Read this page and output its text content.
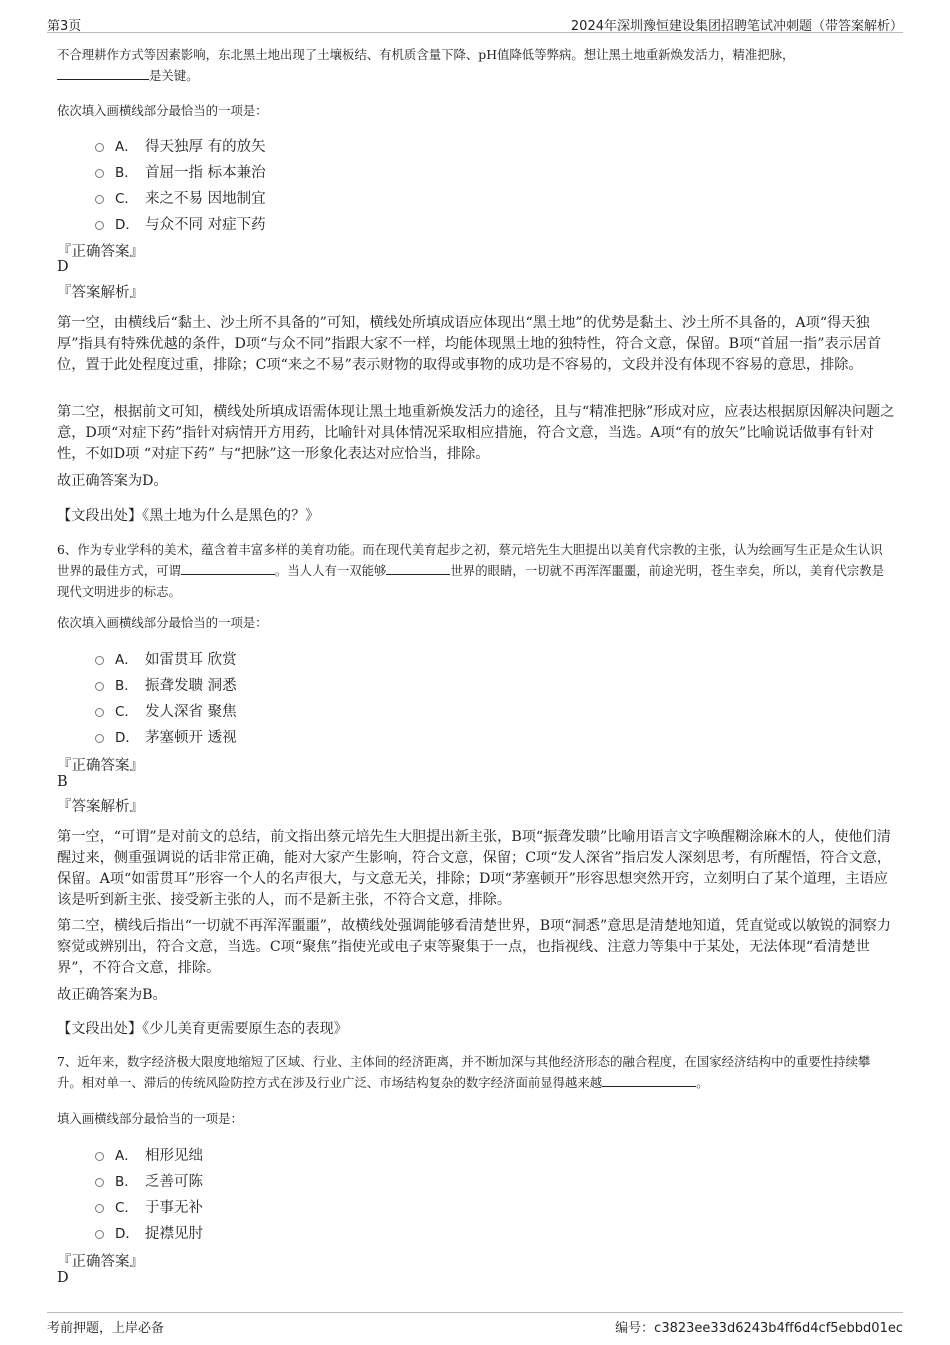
第3页	2024年深圳豫恒建设集团招聘笔试冲刺题（带答案解析）
不合理耕作方式等因素影响，东北黑土地出现了土壤板结、有机质含量下降、pH值降低等弊病。想让黑土地重新焕发活力，精准把脉，
是关键。
依次填入画横线部分最恰当的一项是：
A． 得天独厚 有的放矢
B． 首屈一指 标本兼治
C． 来之不易 因地制宜
D． 与众不同 对症下药
『正确答案』
D
『答案解析』
第一空，由横线后“黏土、沙土所不具备的”可知，横线处所填成语应体现出“黑土地”的优势是黏土、沙土所不具备的，A项“得天独厚”指具有特殊优越的条件，D项“与众不同”指跟大家不一样，均能体现黑土地的独特性，符合文意，保留。B项“首屈一指”表示居首位，置于此处程度过重，排除；C项“来之不易”表示财物的取得或事物的成功是不容易的，文段并没有体现不容易的意思，排除。
第二空，根据前文可知，横线处所填成语需体现让黑土地重新焕发活力的途径，且与“精准把脉”形成对应，应表达根据原因解决问题之意，D项“对症下药”指针对病情开方用药，比喻针对具体情况采取相应措施，符合文意，当选。A项“有的放矢”比喻说话做事有针对性，不如D项 “对症下药” 与“把脉”这一形象化表达对应恰当，排除。
故正确答案为D。
【文段出处】《黑土地为什么是黑色的？》
6、作为专业学科的美术，蕴含着丰富多样的美育功能。而在现代美育起步之初，蔡元培先生大胆提出以美育代宗教的主张，认为绘画写生正是众生认识世界的最佳方式，可谓	。当人人有一双能够	世界的眼睛，一切就不再浑浑噩噩，前途光明，苍生幸矣，所以，美育代宗教是现代文明进步的标志。
依次填入画横线部分最恰当的一项是：
A． 如雷贯耳 欣赏
B． 振聋发聩 洞悉
C． 发人深省 聚焦
D． 茅塞顿开 透视
『正确答案』
B
『答案解析』
第一空，“可谓”是对前文的总结，前文指出蔡元培先生大胆提出新主张，B项“振聋发聩”比喻用语言文字唤醒糊涂麻木的人，使他们清醒过来，侧重强调说的话非常正确，能对大家产生影响，符合文意，保留；C项“发人深省”指启发人深刻思考，有所醒悟，符合文意，保留。A项“如雷贯耳”形容一个人的名声很大，与文意无关，排除；D项“茅塞顿开”形容思想突然开窍，立刻明白了某个道理，主语应该是听到新主张、接受新主张的人，而不是新主张，不符合文意，排除。
第二空，横线后指出“一切就不再浑浑噩噩”，故横线处强调能够看清楚世界，B项“洞悉”意思是清楚地知道，凭直觉或以敏锐的洞察力察觉或辨别出，符合文意，当选。C项“聚焦”指使光或电子束等聚集于一点，也指视线、注意力等集中于某处，无法体现“看清楚世界”，不符合文意，排除。
故正确答案为B。
【文段出处】《少儿美育更需要原生态的表现》
7、近年来，数字经济极大限度地缩短了区域、行业、主体间的经济距离，并不断加深与其他经济形态的融合程度，在国家经济结构中的重要性持续攀升。相对单一、滞后的传统风险防控方式在涉及行业广泛、市场结构复杂的数字经济面前显得越来越	。
填入画横线部分最恰当的一项是：
A． 相形见绌
B． 乏善可陈
C． 于事无补
D． 捉襟见肘
『正确答案』
D
考前押题，上岸必备	编号：c3823ee33d6243b4ff6d4cf5ebbd01ec
